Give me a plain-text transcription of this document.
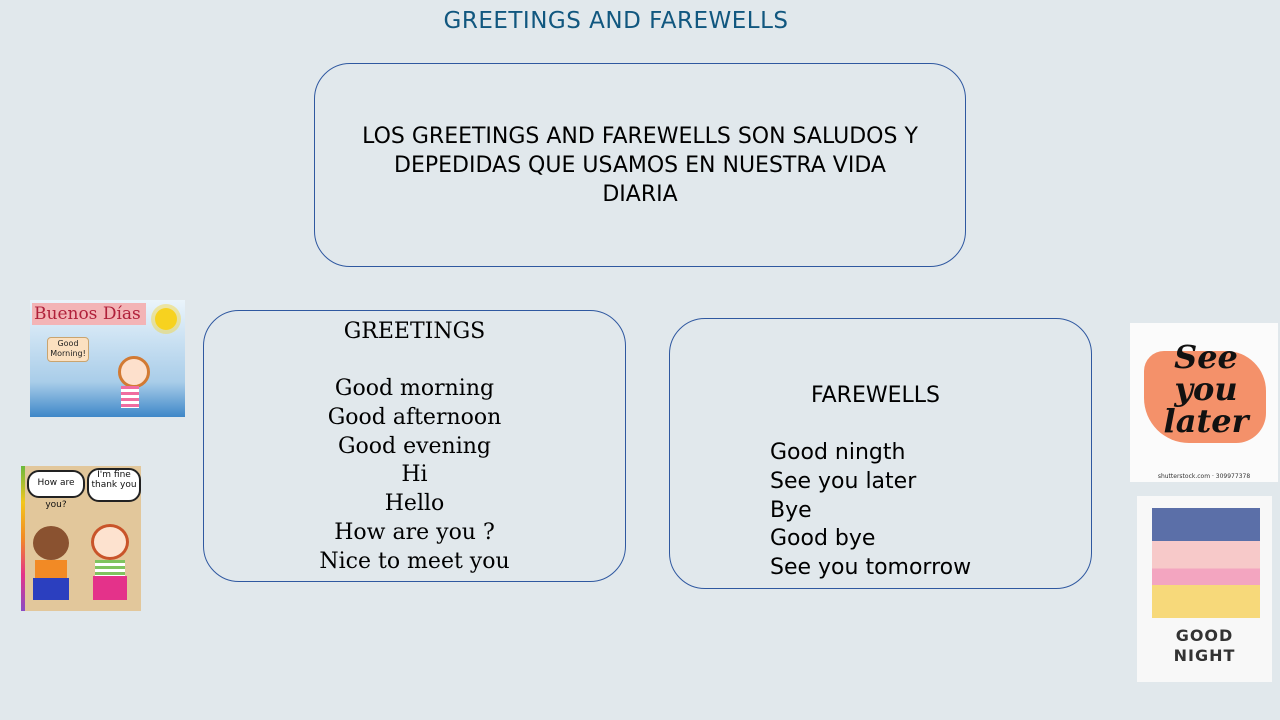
GREETINGS AND FAREWELLS
LOS GREETINGS AND FAREWELLS SON SALUDOS Y
DEPEDIDAS QUE USAMOS EN NUESTRA VIDA
DIARIA
GREETINGS
Good morning
Good afternoon
Good evening
Hi
Hello
How are you ?
Nice to meet you
FAREWELLS
Good ningth
See you later
Bye
Good bye
See you tomorrow
Buenos Días
Good
Morning!
How are you?
I'm fine
thank you
See
you
later
shutterstock.com · 309977378
GOOD
NIGHT
